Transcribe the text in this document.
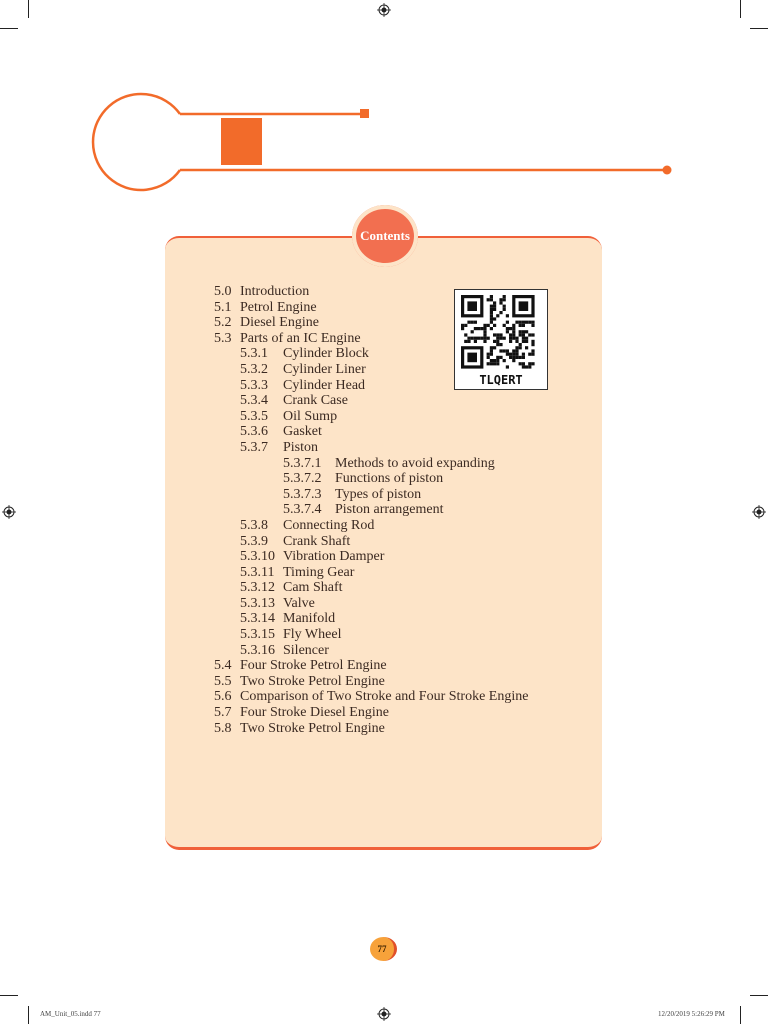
Contents
5.0 Introduction
5.1 Petrol Engine
5.2 Diesel Engine
5.3 Parts of an IC Engine
5.3.1 Cylinder Block
5.3.2 Cylinder Liner
5.3.3 Cylinder Head
5.3.4 Crank Case
5.3.5 Oil Sump
5.3.6 Gasket
5.3.7 Piston
5.3.7.1 Methods to avoid expanding
5.3.7.2 Functions of piston
5.3.7.3 Types of piston
5.3.7.4 Piston arrangement
5.3.8 Connecting Rod
5.3.9 Crank Shaft
5.3.10 Vibration Damper
5.3.11 Timing Gear
5.3.12 Cam Shaft
5.3.13 Valve
5.3.14 Manifold
5.3.15 Fly Wheel
5.3.16 Silencer
5.4 Four Stroke Petrol Engine
5.5 Two Stroke Petrol Engine
5.6 Comparison of Two Stroke and Four Stroke Engine
5.7 Four Stroke Diesel Engine
5.8 Two Stroke Petrol Engine
TLQERT
77
AM_Unit_05.indd 77	12/20/2019 5:26:29 PM
